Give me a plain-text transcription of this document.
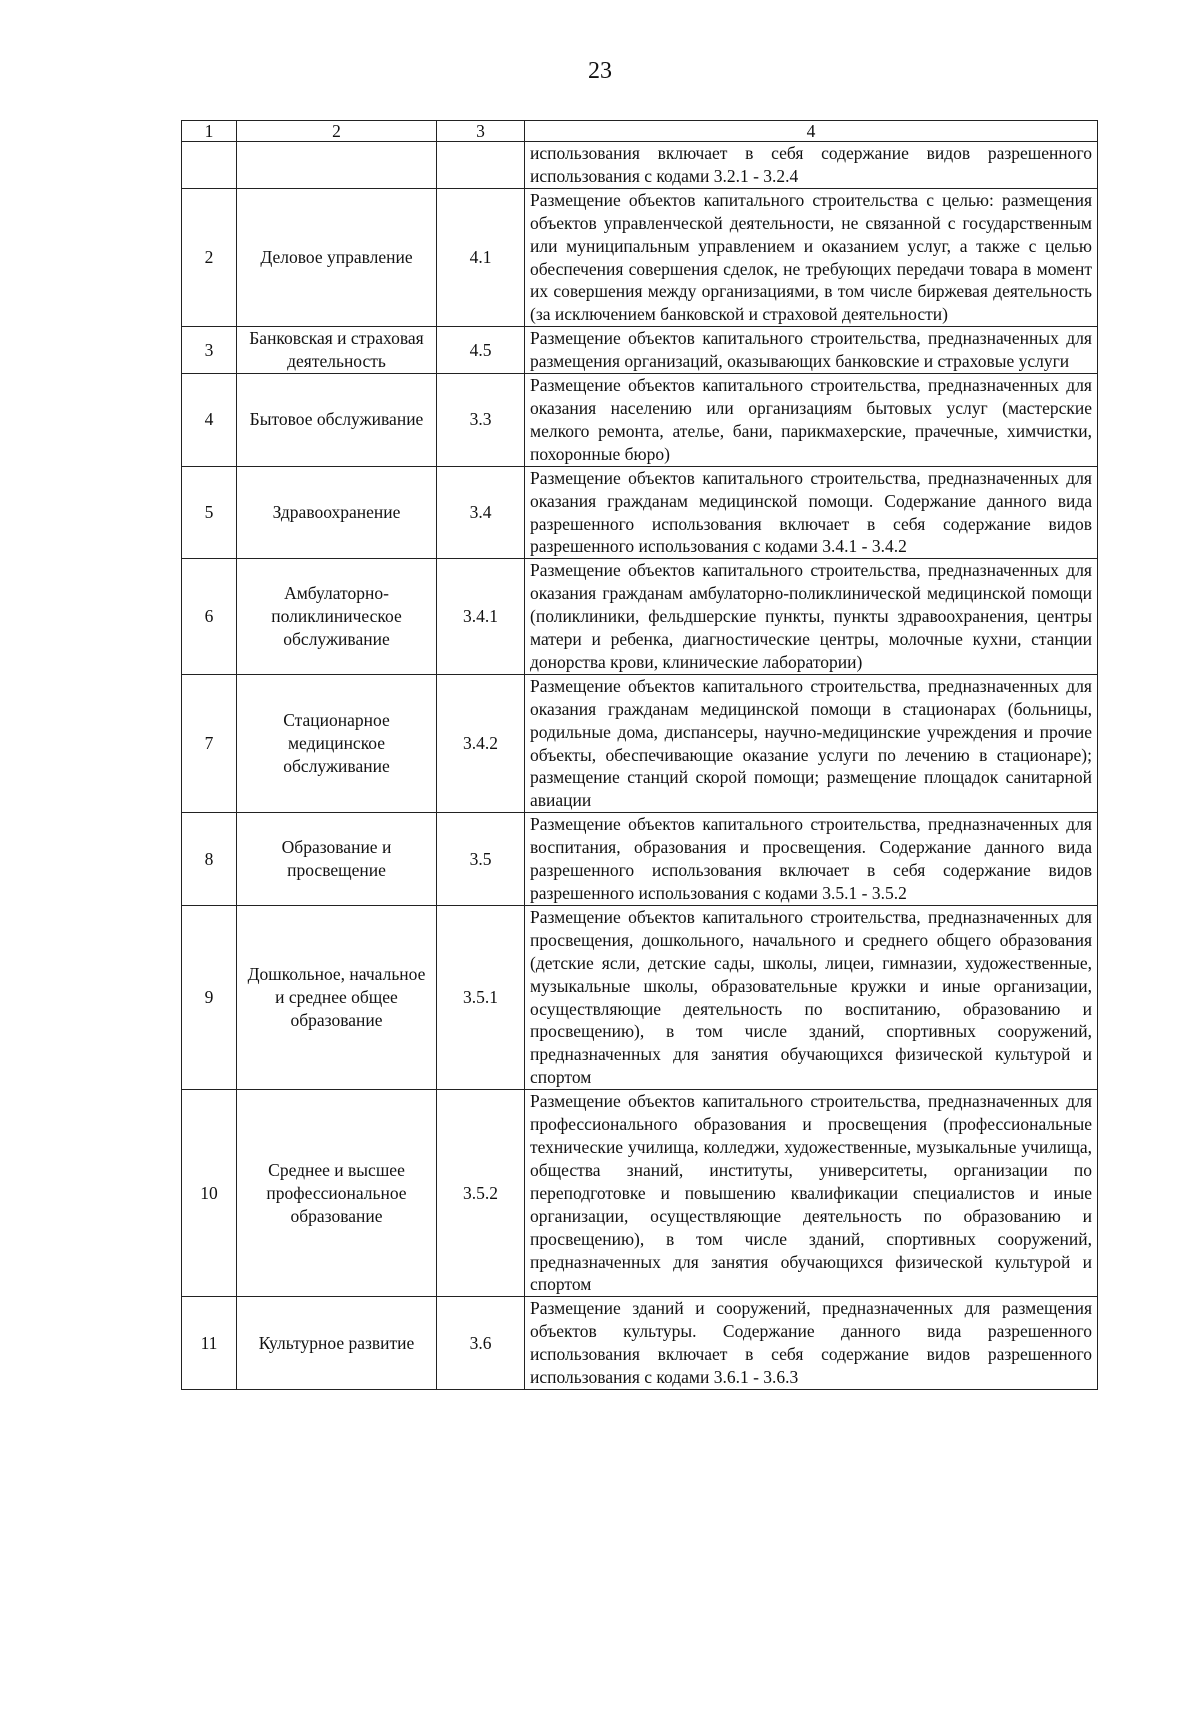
23
1	2	3	4
			использования включает в себя содержание видов разрешенного использования с кодами 3.2.1 - 3.2.4
2	Деловое управление	4.1	Размещение объектов капитального строительства с целью: размещения объектов управленческой деятельности, не связанной с государственным или муниципальным управлением и оказанием услуг, а также с целью обеспечения совершения сделок, не требующих передачи товара в момент их совершения между организациями, в том числе биржевая деятельность (за исключением банковской и страховой деятельности)
3	Банковская и страховая деятельность	4.5	Размещение объектов капитального строительства, предназначенных для размещения организаций, оказывающих банковские и страховые услуги
4	Бытовое обслуживание	3.3	Размещение объектов капитального строительства, предназначенных для оказания населению или организациям бытовых услуг (мастерские мелкого ремонта, ателье, бани, парикмахерские, прачечные, химчистки, похоронные бюро)
5	Здравоохранение	3.4	Размещение объектов капитального строительства, предназначенных для оказания гражданам медицинской помощи. Содержание данного вида разрешенного использования включает в себя содержание видов разрешенного использования с кодами 3.4.1 - 3.4.2
6	Амбулаторно-поликлиническое обслуживание	3.4.1	Размещение объектов капитального строительства, предназначенных для оказания гражданам амбулаторно-поликлинической медицинской помощи (поликлиники, фельдшерские пункты, пункты здравоохранения, центры матери и ребенка, диагностические центры, молочные кухни, станции донорства крови, клинические лаборатории)
7	Стационарное медицинское обслуживание	3.4.2	Размещение объектов капитального строительства, предназначенных для оказания гражданам медицинской помощи в стационарах (больницы, родильные дома, диспансеры, научно-медицинские учреждения и прочие объекты, обеспечивающие оказание услуги по лечению в стационаре); размещение станций скорой помощи; размещение площадок санитарной авиации
8	Образование и просвещение	3.5	Размещение объектов капитального строительства, предназначенных для воспитания, образования и просвещения. Содержание данного вида разрешенного использования включает в себя содержание видов разрешенного использования с кодами 3.5.1 - 3.5.2
9	Дошкольное, начальное и среднее общее образование	3.5.1	Размещение объектов капитального строительства, предназначенных для просвещения, дошкольного, начального и среднего общего образования (детские ясли, детские сады, школы, лицеи, гимназии, художественные, музыкальные школы, образовательные кружки и иные организации, осуществляющие деятельность по воспитанию, образованию и просвещению), в том числе зданий, спортивных сооружений, предназначенных для занятия обучающихся физической культурой и спортом
10	Среднее и высшее профессиональное образование	3.5.2	Размещение объектов капитального строительства, предназначенных для профессионального образования и просвещения (профессиональные технические училища, колледжи, художественные, музыкальные училища, общества знаний, институты, университеты, организации по переподготовке и повышению квалификации специалистов и иные организации, осуществляющие деятельность по образованию и просвещению), в том числе зданий, спортивных сооружений, предназначенных для занятия обучающихся физической культурой и спортом
11	Культурное развитие	3.6	Размещение зданий и сооружений, предназначенных для размещения объектов культуры. Содержание данного вида разрешенного использования включает в себя содержание видов разрешенного использования с кодами 3.6.1 - 3.6.3
